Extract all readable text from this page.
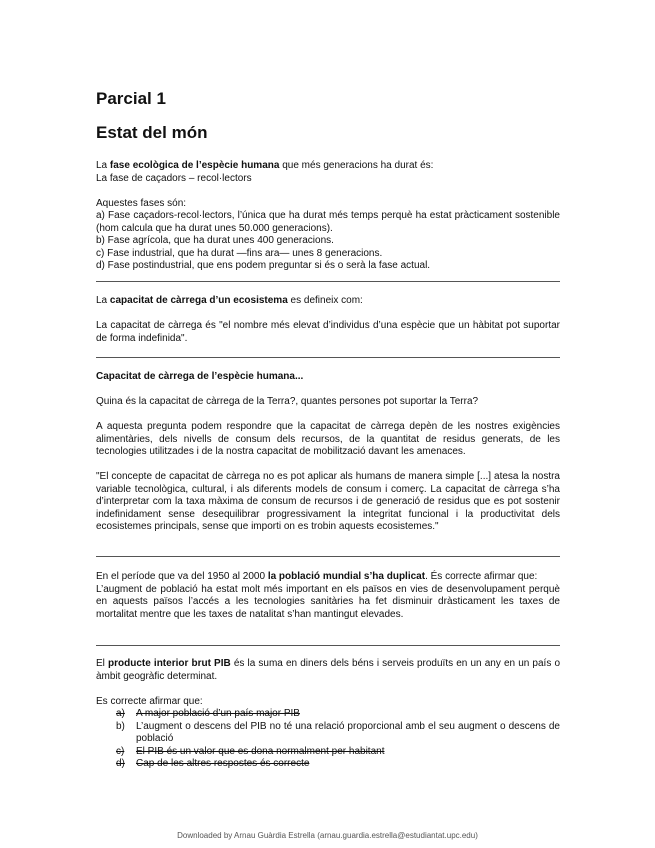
Parcial 1
Estat del món

La fase ecològica de l’espècie humana que més generacions ha durat és:

La fase de caçadors – recol·lectors

Aquestes fases són:

a) Fase caçadors-recol·lectors, l’única que ha durat més temps perquè ha estat pràcticament sostenible (hom calcula que ha durat unes 50.000 generacions).

b) Fase agrícola, que ha durat unes 400 generacions.

c) Fase industrial, que ha durat —fins ara— unes 8 generacions.

d) Fase postindustrial, que ens podem preguntar si és o serà la fase actual.

La capacitat de càrrega d’un ecosistema es defineix com:

La capacitat de càrrega és "el nombre més elevat d’individus d’una espècie que un hàbitat pot suportar de forma indefinida".

Capacitat de càrrega de l’espècie humana...

Quina és la capacitat de càrrega de la Terra?, quantes persones pot suportar la Terra?

A aquesta pregunta podem respondre que la capacitat de càrrega depèn de les nostres exigències alimentàries, dels nivells de consum dels recursos, de la quantitat de residus generats, de les tecnologies utilitzades i de la nostra capacitat de mobilització davant les amenaces.

"El concepte de capacitat de càrrega no es pot aplicar als humans de manera simple [...] atesa la nostra variable tecnològica, cultural, i als diferents models de consum i comerç. La capacitat de càrrega s’ha d’interpretar com la taxa màxima de consum de recursos i de generació de residus que es pot sostenir indefinidament sense desequilibrar progressivament la integritat funcional i la productivitat dels ecosistemes principals, sense que importi on es trobin aquests ecosistemes."

En el període que va del 1950 al 2000 la població mundial s’ha duplicat. És correcte afirmar que:

L’augment de població ha estat molt més important en els països en vies de desenvolupament perquè en aquests països l’accés a les tecnologies sanitàries ha fet disminuir dràsticament les taxes de mortalitat mentre que les taxes de natalitat s’han mantingut elevades.

El producte interior brut PIB és la suma en diners dels béns i serveis produïts en un any en un país o àmbit geogràfic determinat.

Es correcte afirmar que:

a)	A major població d’un país major PIB
b)	L’augment o descens del PIB no té una relació proporcional amb el seu augment o descens de població
c)	El PIB és un valor que es dona normalment per habitant
d)	Cap de les altres respostes és correcte
Downloaded by Arnau Guàrdia Estrella (arnau.guardia.estrella@estudiantat.upc.edu)
